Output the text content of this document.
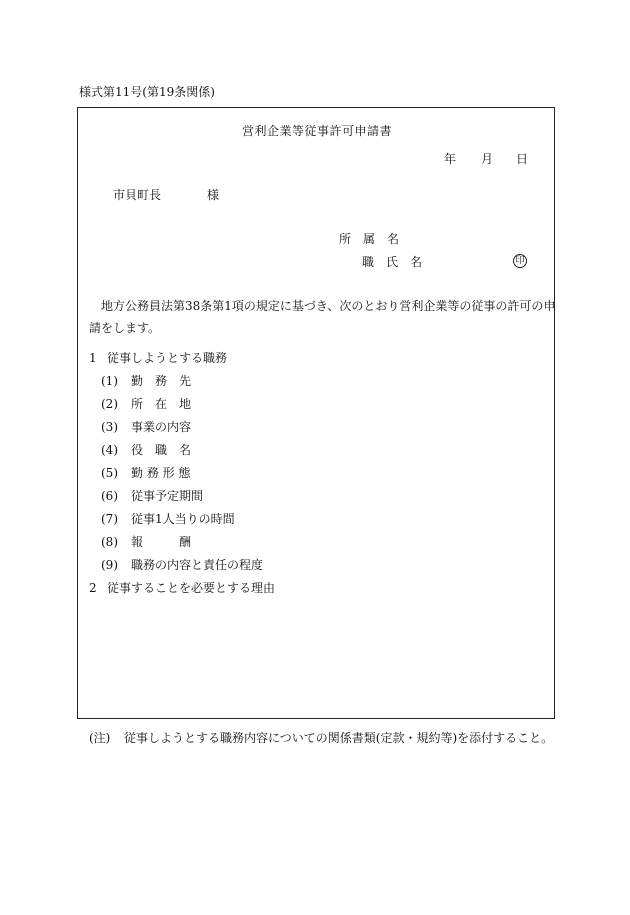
様式第11号(第19条関係)
営利企業等従事許可申請書
年 月 日
市貝町長	様
所　属　名
職　氏　名	印
地方公務員法第38条第1項の規定に基づき、次のとおり営利企業等の従事の許可の申
請をします。
1 従事しようとする職務
(1)	勤　務　先
(2)	所　在　地
(3)	事業の内容
(4)	役　職　名
(5)	勤 務 形 態
(6)	従事予定期間
(7)	従事1人当りの時間
(8)	報　　　酬
(9)	職務の内容と責任の程度
2 従事することを必要とする理由
(注) 従事しようとする職務内容についての関係書類(定款・規約等)を添付すること。
